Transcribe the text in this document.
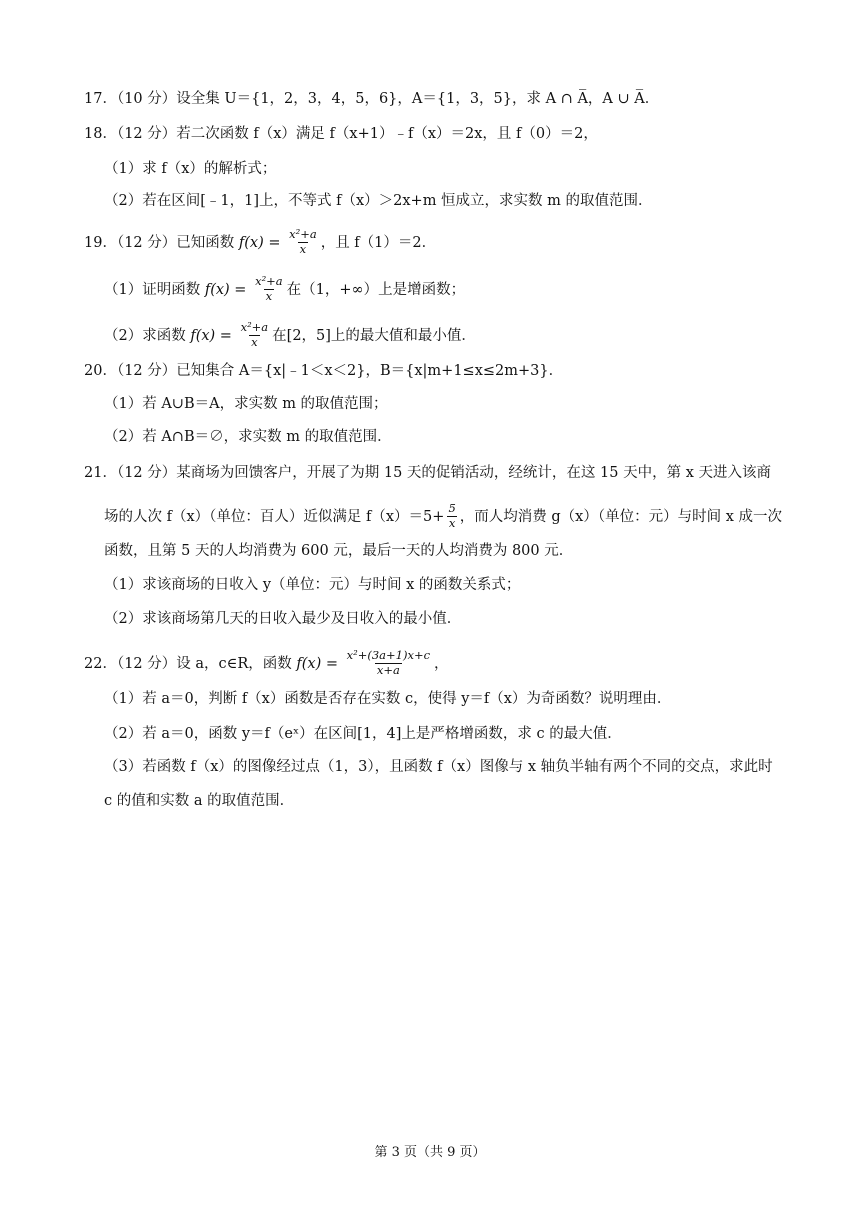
17．（10 分）设全集 U＝{1，2，3，4，5，6}，A＝{1，3，5}，求 A ∩ A̅，A ∪ A̅．
18．（12 分）若二次函数 f（x）满足 f（x+1）﹣f（x）＝2x，且 f（0）＝2，
（1）求 f（x）的解析式；
（2）若在区间[﹣1，1]上，不等式 f（x）＞2x+m 恒成立，求实数 m 的取值范围．
19．（12 分）已知函数 $f(x) = \frac{\text{x²+a}}{x}$ ，且 f（1）＝2．
（1）证明函数 $f(x) = \frac{\text{x²+a}}{x}$ 在（1，+∞）上是增函数；
（2）求函数 $f(x) = \frac{\text{x²+a}}{x}$ 在[2，5]上的最大值和最小值．
20．（12 分）已知集合 A＝{x|﹣1＜x＜2}，B＝{x|m+1≤x≤2m+3}．
（1）若 A∪B＝A，求实数 m 的取值范围；
（2）若 A∩B＝∅，求实数 m 的取值范围．
21．（12 分）某商场为回馈客户，开展了为期 15 天的促销活动，经统计，在这 15 天中，第 x 天进入该商
场的人次 f（x）（单位：百人）近似满足 $f(x)=5+ \frac{5}{x}$ ，而人均消费 g（x）（单位：元）与时间 x 成一次
函数，且第 5 天的人均消费为 600 元，最后一天的人均消费为 800 元．
（1）求该商场的日收入 y（单位：元）与时间 x 的函数关系式；
（2）求该商场第几天的日收入最少及日收入的最小值．
22．（12 分）设 a，c∈R，函数 $f(x) = \frac{\text{x²+(3a+1)x+c}}{x+a}$ ，
（1）若 a＝0，判断 f（x）函数是否存在实数 c，使得 y＝f（x）为奇函数？说明理由．
（2）若 a＝0，函数 y＝f（eˣ）在区间[1，4]上是严格增函数，求 c 的最大值．
（3）若函数 f（x）的图像经过点（1，3），且函数 f（x）图像与 x 轴负半轴有两个不同的交点，求此时
c 的值和实数 a 的取值范围．
第 3 页（共 9 页）
